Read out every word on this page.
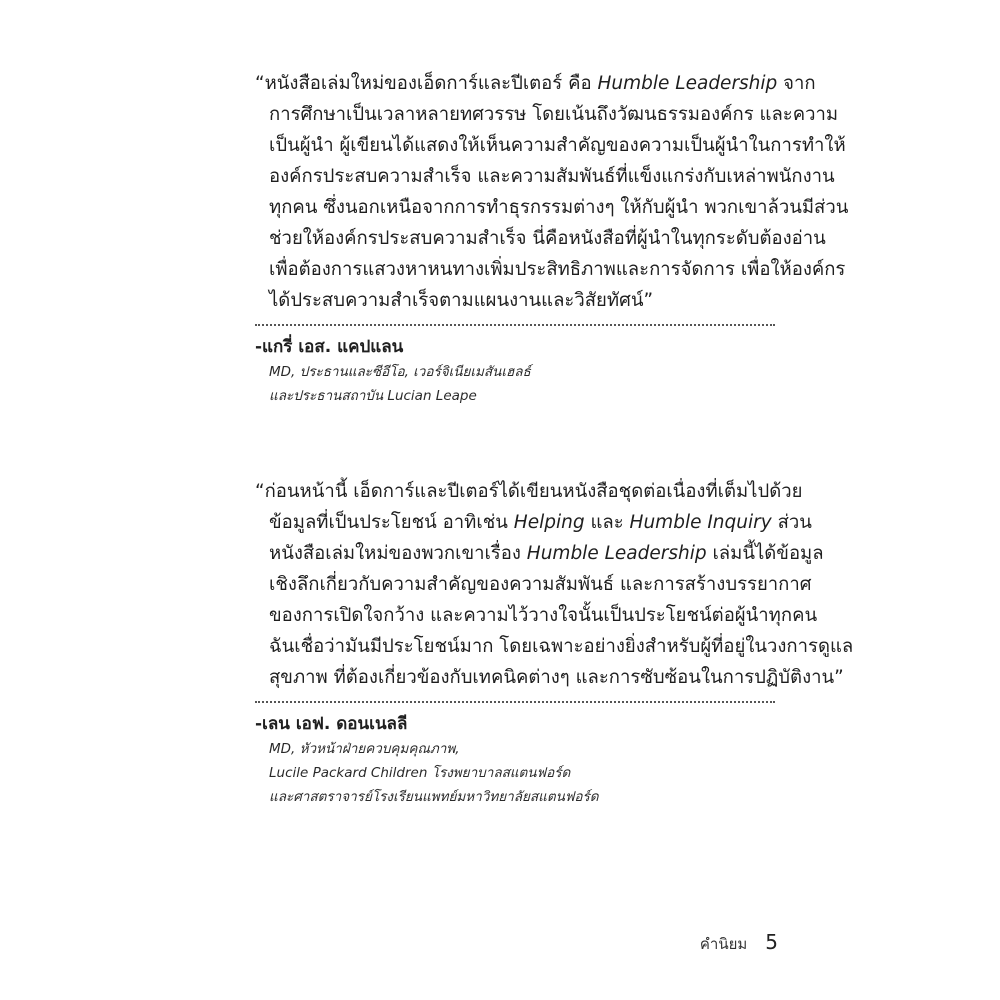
“หนังสือเล่มใหม่ของเอ็ดการ์และปีเตอร์ คือ Humble Leadership จาก
การศึกษาเป็นเวลาหลายทศวรรษ โดยเน้นถึงวัฒนธรรมองค์กร และความ
เป็นผู้นำ ผู้เขียนได้แสดงให้เห็นความสำคัญของความเป็นผู้นำในการทำให้
องค์กรประสบความสำเร็จ และความสัมพันธ์ที่แข็งแกร่งกับเหล่าพนักงาน
ทุกคน ซึ่งนอกเหนือจากการทำธุรกรรมต่างๆ ให้กับผู้นำ พวกเขาล้วนมีส่วน
ช่วยให้องค์กรประสบความสำเร็จ นี่คือหนังสือที่ผู้นำในทุกระดับต้องอ่าน
เพื่อต้องการแสวงหาหนทางเพิ่มประสิทธิภาพและการจัดการ เพื่อให้องค์กร
ได้ประสบความสำเร็จตามแผนงานและวิสัยทัศน์”

-แกรี่ เอส. แคปแลน
MD, ประธานและซีอีโอ, เวอร์จิเนียเมสันเฮลธ์
และประธานสถาบัน Lucian Leape

“ก่อนหน้านี้ เอ็ดการ์และปีเตอร์ได้เขียนหนังสือชุดต่อเนื่องที่เต็มไปด้วย
ข้อมูลที่เป็นประโยชน์ อาทิเช่น Helping และ Humble Inquiry ส่วน
หนังสือเล่มใหม่ของพวกเขาเรื่อง Humble Leadership เล่มนี้ได้ข้อมูล
เชิงลึกเกี่ยวกับความสำคัญของความสัมพันธ์ และการสร้างบรรยากาศ
ของการเปิดใจกว้าง และความไว้วางใจนั้นเป็นประโยชน์ต่อผู้นำทุกคน
ฉันเชื่อว่ามันมีประโยชน์มาก โดยเฉพาะอย่างยิ่งสำหรับผู้ที่อยู่ในวงการดูแล
สุขภาพ ที่ต้องเกี่ยวข้องกับเทคนิคต่างๆ และการซับซ้อนในการปฏิบัติงาน”

-เลน เอฟ. ดอนเนลลี
MD, หัวหน้าฝ่ายควบคุมคุณภาพ,
Lucile Packard Children โรงพยาบาลสแตนฟอร์ด
และศาสตราจารย์โรงเรียนแพทย์มหาวิทยาลัยสแตนฟอร์ด
คำนิยม 5
